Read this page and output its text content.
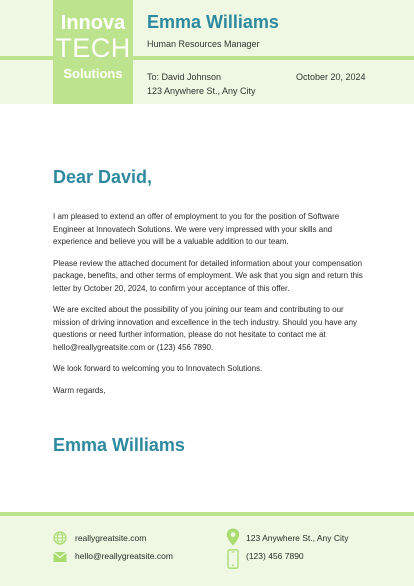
Innova
TECH
Solutions
Emma Williams
Human Resources Manager
To: David Johnson
123 Anywhere St., Any City
October 20, 2024
Dear David,

I am pleased to extend an offer of employment to you for the position of Software Engineer at Innovatech Solutions. We were very impressed with your skills and experience and believe you will be a valuable addition to our team.

Please review the attached document for detailed information about your compensation package, benefits, and other terms of employment. We ask that you sign and return this letter by October 20, 2024, to confirm your acceptance of this offer.

We are excited about the possibility of you joining our team and contributing to our mission of driving innovation and excellence in the tech industry. Should you have any questions or need further information, please do not hesitate to contact me at hello@reallygreatsite.com or (123) 456 7890.

We look forward to welcoming you to Innovatech Solutions.

Warm regards,

Emma Williams
reallygreatsite.com
hello@reallygreatsite.com
123 Anywhere St., Any City
(123) 456 7890
